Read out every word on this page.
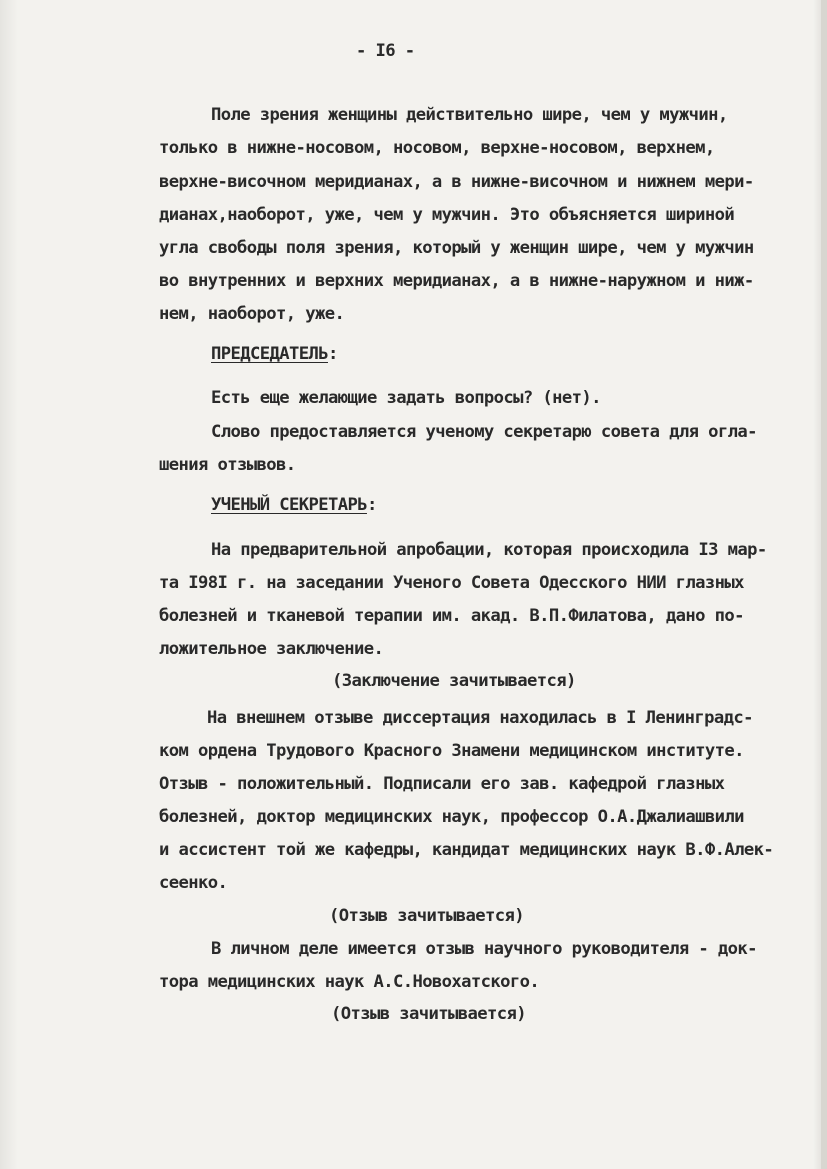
- I6 -
Поле зрения женщины действительно шире, чем у мужчин,
только в нижне-носовом, носовом, верхне-носовом, верхнем,
верхне-височном меридианах, а в нижне-височном и нижнем мери-
дианах,наоборот, уже, чем у мужчин. Это объясняется шириной
угла свободы поля зрения, который у женщин шире, чем у мужчин
во внутренних и верхних меридианах, а в нижне-наружном и ниж-
нем, наоборот, уже.
ПРЕДСЕДАТЕЛЬ:
Есть еще желающие задать вопросы? (нет).
Слово предоставляется ученому секретарю совета для огла-
шения отзывов.
УЧЕНЫЙ СЕКРЕТАРЬ:
На предварительной апробации, которая происходила I3 мар-
та I98I г. на заседании Ученого Совета Одесского НИИ глазных
болезней и тканевой терапии им. акад. В.П.Филатова, дано по-
ложительное заключение.
(Заключение зачитывается)
На внешнем отзыве диссертация находилась в I Ленинградс-
ком ордена Трудового Красного Знамени медицинском институте.
Отзыв - положительный. Подписали его зав. кафедрой глазных
болезней, доктор медицинских наук, профессор О.А.Джалиашвили
и ассистент той же кафедры, кандидат медицинских наук В.Ф.Алек-
сеенко.
(Отзыв зачитывается)
В личном деле имеется отзыв научного руководителя - док-
тора медицинских наук А.С.Новохатского.
(Отзыв зачитывается)
